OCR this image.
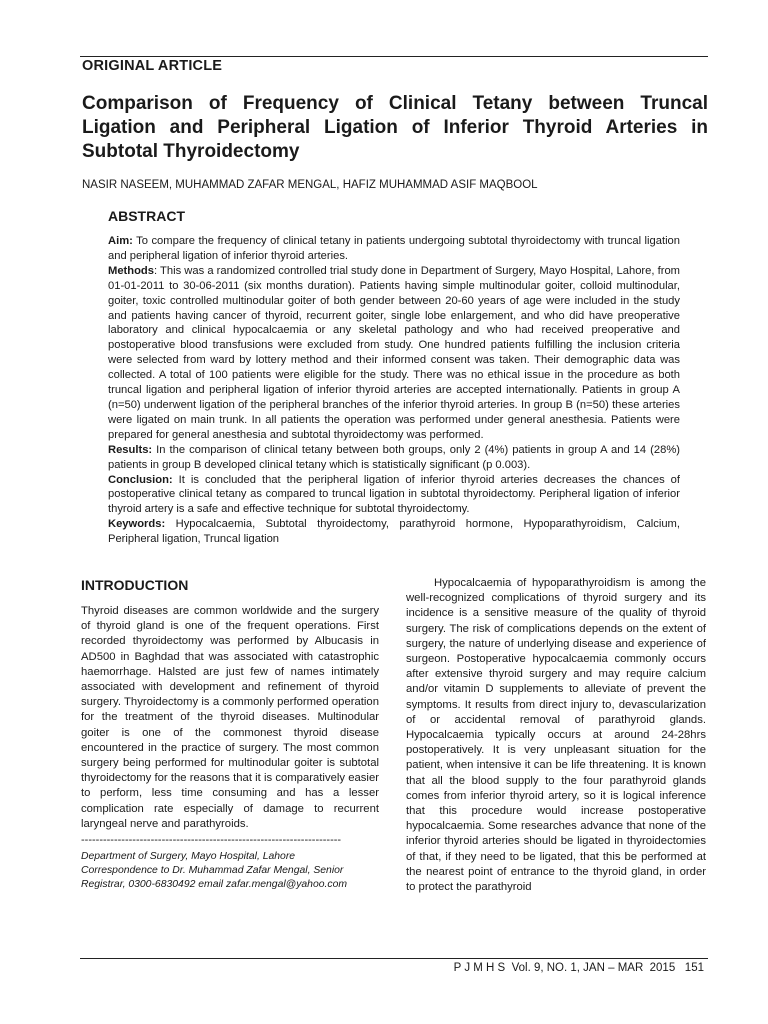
ORIGINAL ARTICLE
Comparison of Frequency of Clinical Tetany between Truncal Ligation and Peripheral Ligation of Inferior Thyroid Arteries in Subtotal Thyroidectomy
NASIR NASEEM, MUHAMMAD ZAFAR MENGAL, HAFIZ MUHAMMAD ASIF MAQBOOL
ABSTRACT

Aim: To compare the frequency of clinical tetany in patients undergoing subtotal thyroidectomy with truncal ligation and peripheral ligation of inferior thyroid arteries.

Methods: This was a randomized controlled trial study done in Department of Surgery, Mayo Hospital, Lahore, from 01-01-2011 to 30-06-2011 (six months duration). Patients having simple multinodular goiter, colloid multinodular, goiter, toxic controlled multinodular goiter of both gender between 20-60 years of age were included in the study and patients having cancer of thyroid, recurrent goiter, single lobe enlargement, and who did have preoperative laboratory and clinical hypocalcaemia or any skeletal pathology and who had received preoperative and postoperative blood transfusions were excluded from study. One hundred patients fulfilling the inclusion criteria were selected from ward by lottery method and their informed consent was taken. Their demographic data was collected. A total of 100 patients were eligible for the study. There was no ethical issue in the procedure as both truncal ligation and peripheral ligation of inferior thyroid arteries are accepted internationally. Patients in group A (n=50) underwent ligation of the peripheral branches of the inferior thyroid arteries. In group B (n=50) these arteries were ligated on main trunk. In all patients the operation was performed under general anesthesia. Patients were prepared for general anesthesia and subtotal thyroidectomy was performed.

Results: In the comparison of clinical tetany between both groups, only 2 (4%) patients in group A and 14 (28%) patients in group B developed clinical tetany which is statistically significant (p 0.003).

Conclusion: It is concluded that the peripheral ligation of inferior thyroid arteries decreases the chances of postoperative clinical tetany as compared to truncal ligation in subtotal thyroidectomy. Peripheral ligation of inferior thyroid artery is a safe and effective technique for subtotal thyroidectomy.

Keywords: Hypocalcaemia, Subtotal thyroidectomy, parathyroid hormone, Hypoparathyroidism, Calcium, Peripheral ligation, Truncal ligation

INTRODUCTION

Thyroid diseases are common worldwide and the surgery of thyroid gland is one of the frequent operations. First recorded thyroidectomy was performed by Albucasis in AD500 in Baghdad that was associated with catastrophic haemorrhage. Halsted are just few of names intimately associated with development and refinement of thyroid surgery. Thyroidectomy is a commonly performed operation for the treatment of the thyroid diseases. Multinodular goiter is one of the commonest thyroid disease encountered in the practice of surgery. The most common surgery being performed for multinodular goiter is subtotal thyroidectomy for the reasons that it is comparatively easier to perform, less time consuming and has a lesser complication rate especially of damage to recurrent laryngeal nerve and parathyroids.

-----------------------------------------------------------------------
Department of Surgery, Mayo Hospital, Lahore
Correspondence to Dr. Muhammad Zafar Mengal, Senior
Registrar, 0300-6830492 email zafar.mengal@yahoo.com

Hypocalcaemia of hypoparathyroidism is among the well-recognized complications of thyroid surgery and its incidence is a sensitive measure of the quality of thyroid surgery. The risk of complications depends on the extent of surgery, the nature of underlying disease and experience of surgeon. Postoperative hypocalcaemia commonly occurs after extensive thyroid surgery and may require calcium and/or vitamin D supplements to alleviate of prevent the symptoms. It results from direct injury to, devascularization of or accidental removal of parathyroid glands. Hypocalcaemia typically occurs at around 24-28hrs postoperatively. It is very unpleasant situation for the patient, when intensive it can be life threatening. It is known that all the blood supply to the four parathyroid glands comes from inferior thyroid artery, so it is logical inference that this procedure would increase postoperative hypocalcaemia. Some researches advance that none of the inferior thyroid arteries should be ligated in thyroidectomies of that, if they need to be ligated, that this be performed at the nearest point of entrance to the thyroid gland, in order to protect the parathyroid

P J M H S  Vol. 9, NO. 1, JAN – MAR  2015   151
